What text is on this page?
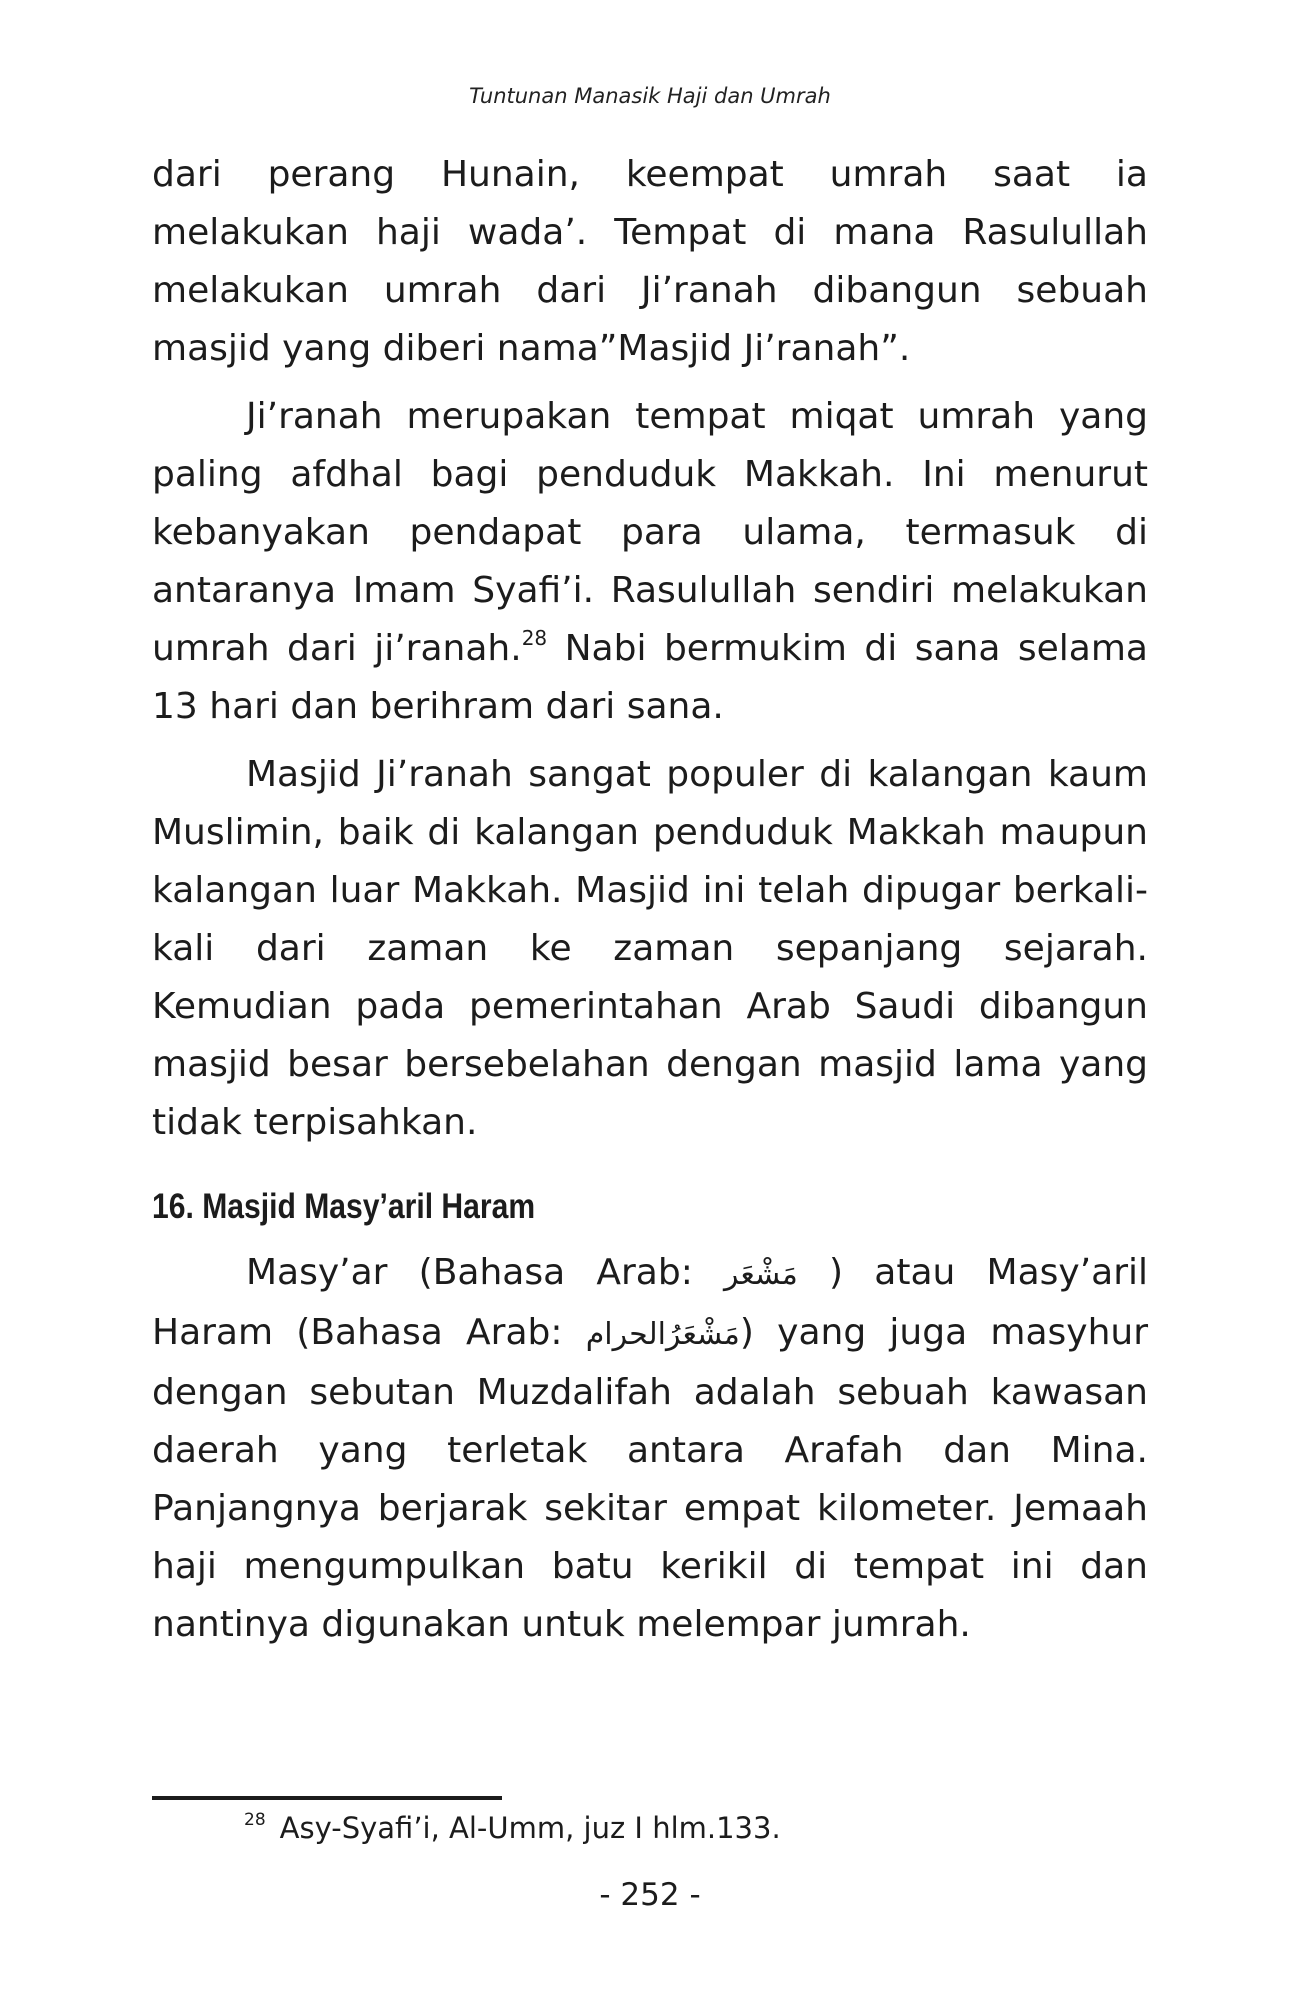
Tuntunan Manasik Haji dan Umrah

dari perang Hunain, keempat umrah saat ia melakukan haji wada’. Tempat di mana Rasulullah melakukan umrah dari Ji’ranah dibangun sebuah masjid yang diberi nama”Masjid Ji’ranah”.

Ji’ranah merupakan tempat miqat umrah yang paling afdhal bagi penduduk Makkah. Ini menurut kebanyakan pendapat para ulama, termasuk di antaranya Imam Syafi’i. Rasulullah sendiri melakukan umrah dari ji’ranah.$^{28}$ Nabi bermukim di sana selama 13 hari dan berihram dari sana.

Masjid Ji’ranah sangat populer di kalangan kaum Muslimin, baik di kalangan penduduk Makkah maupun kalangan luar Makkah. Masjid ini telah dipugar berkali-kali dari zaman ke zaman sepanjang sejarah. Kemudian pada pemerintahan Arab Saudi dibangun masjid besar bersebelahan dengan masjid lama yang tidak terpisahkan.

16. Masjid Masy’aril Haram

Masy’ar (Bahasa Arab: مَشْعَر ) atau Masy’aril Haram (Bahasa Arab: مَشْعَرُالحرام) yang juga masyhur dengan sebutan Muzdalifah adalah sebuah kawasan daerah yang terletak antara Arafah dan Mina. Panjangnya berjarak sekitar empat kilometer. Jemaah haji mengumpulkan batu kerikil di tempat ini dan nantinya digunakan untuk melempar jumrah.

$^{28}$ Asy-Syafi’i, Al-Umm, juz I hlm.133.
- 252 -
